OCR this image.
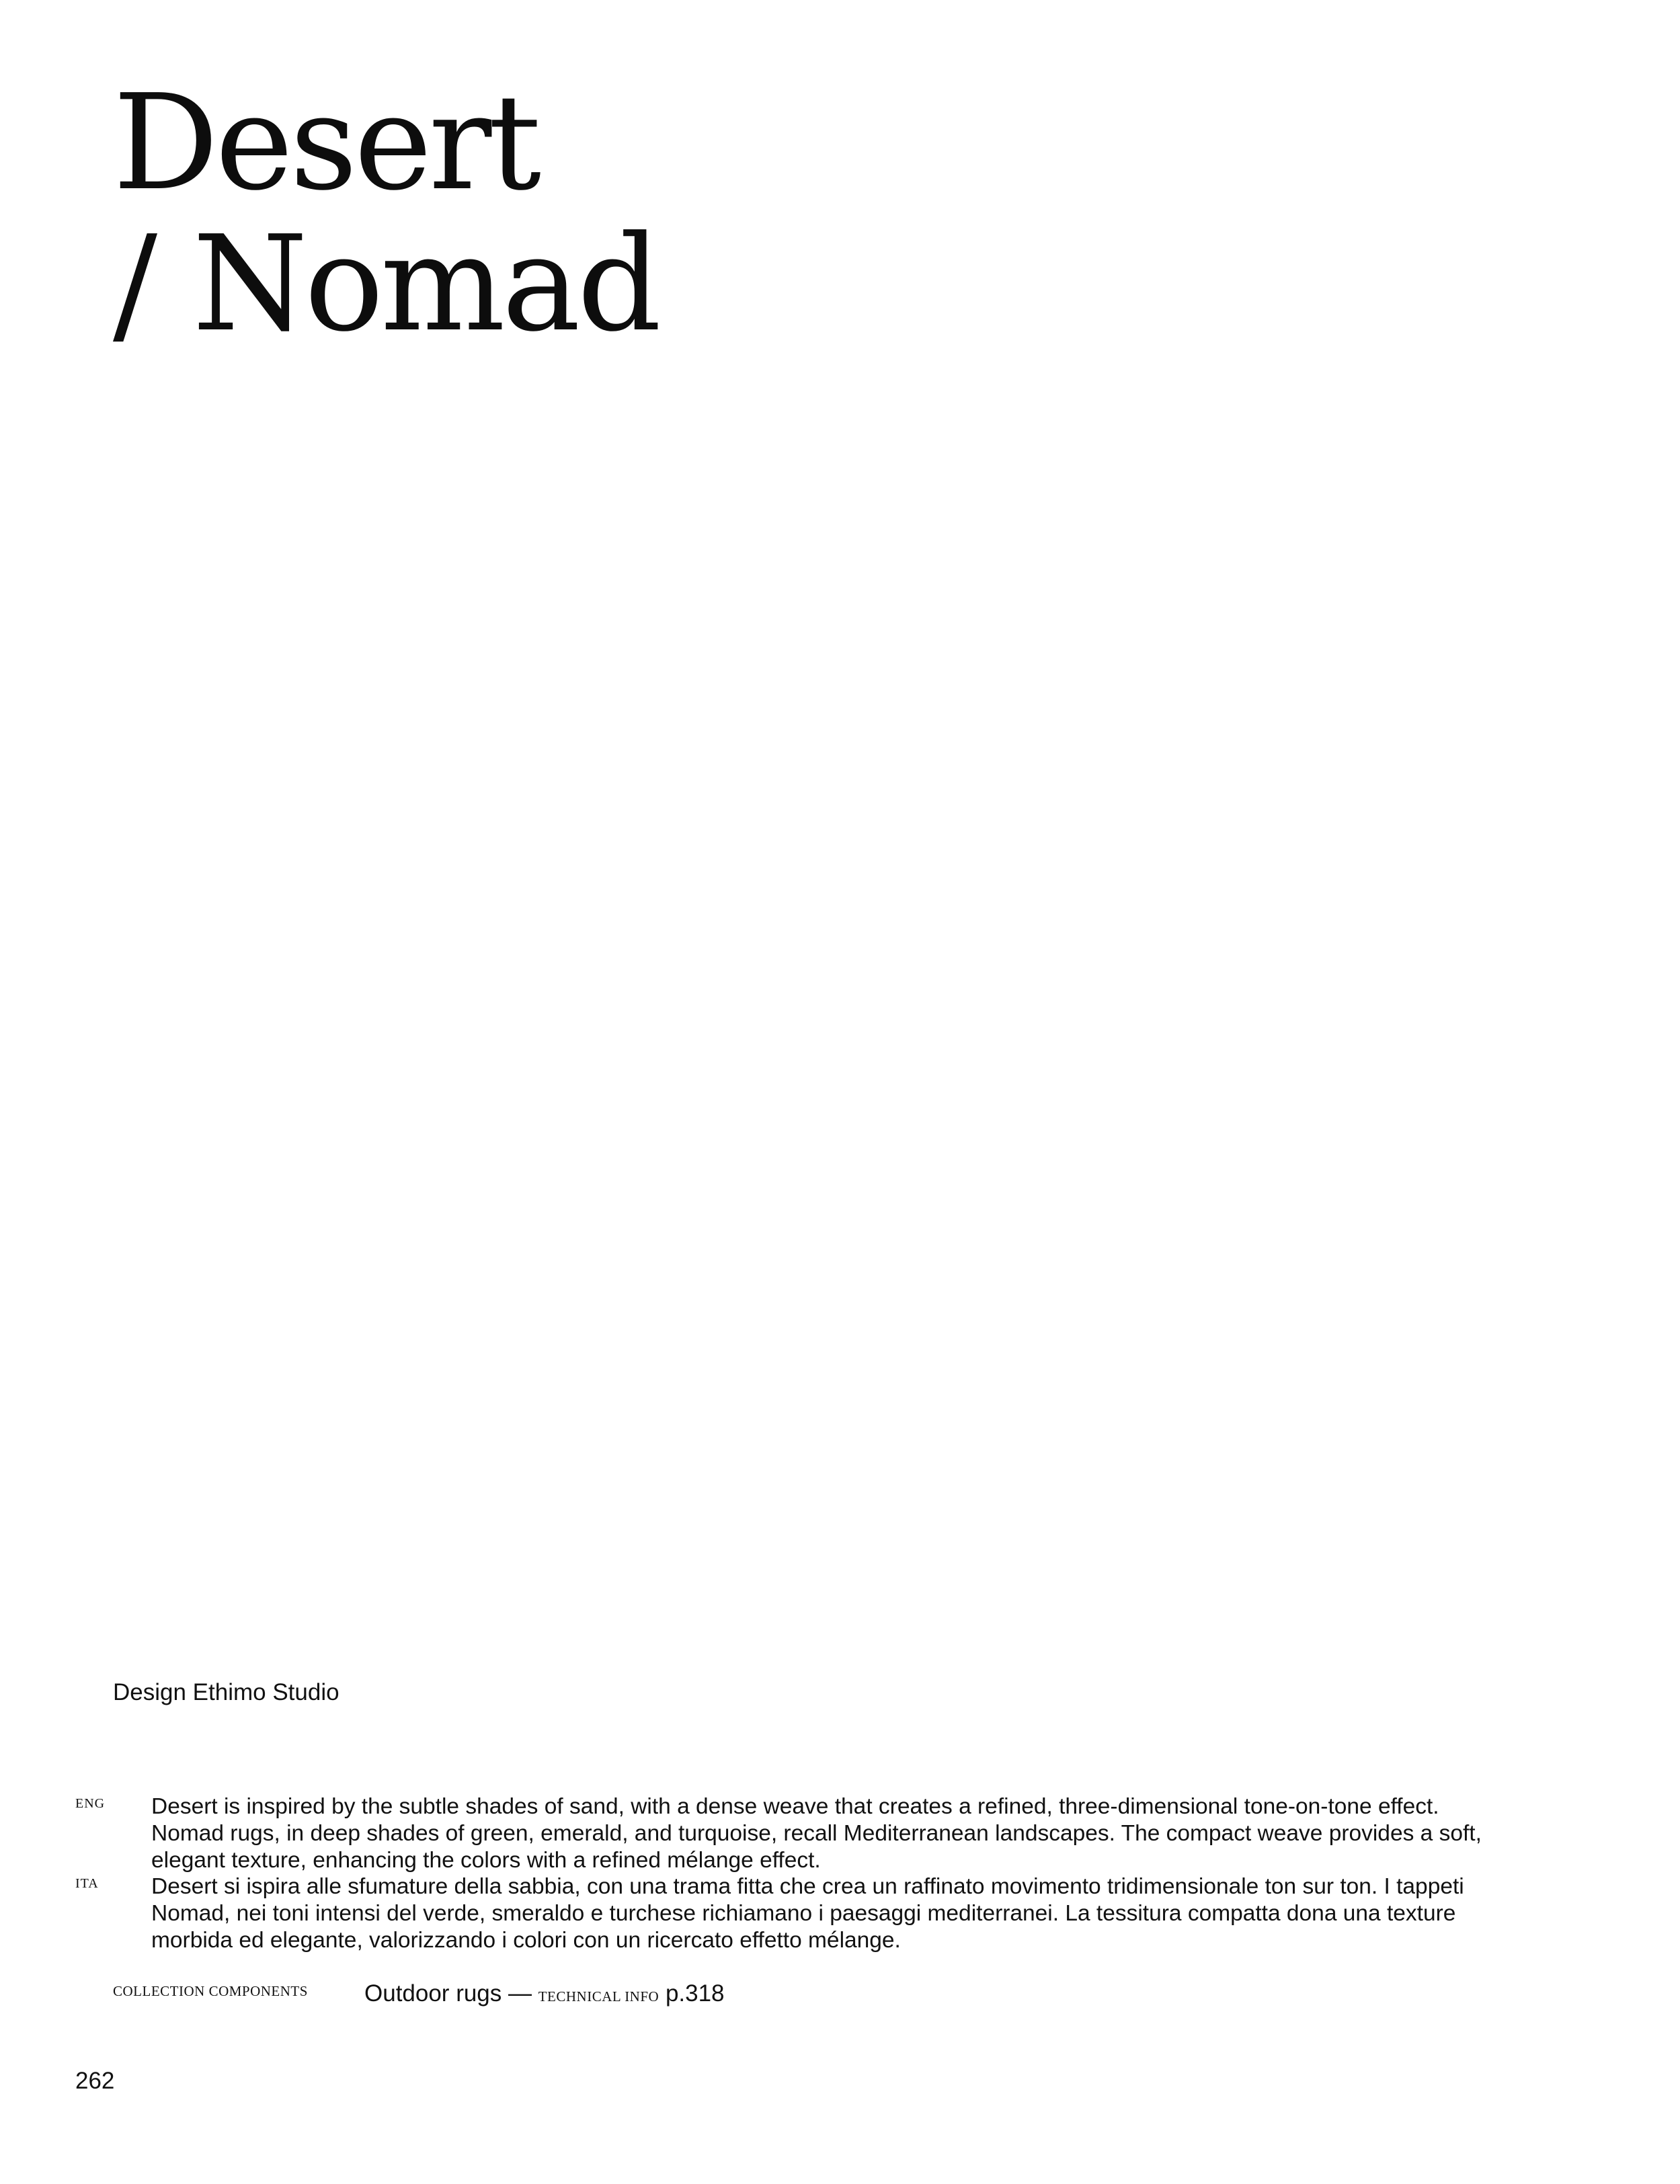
Desert
/ Nomad
Design Ethimo Studio
ENG Desert is inspired by the subtle shades of sand, with a dense weave that creates a refined, three-dimensional tone-on-tone effect.
Nomad rugs, in deep shades of green, emerald, and turquoise, recall Mediterranean landscapes. The compact weave provides a soft,
elegant texture, enhancing the colors with a refined mélange effect.

ITA Desert si ispira alle sfumature della sabbia, con una trama fitta che crea un raffinato movimento tridimensionale ton sur ton. I tappeti
Nomad, nei toni intensi del verde, smeraldo e turchese richiamano i paesaggi mediterranei. La tessitura compatta dona una texture
morbida ed elegante, valorizzando i colori con un ricercato effetto mélange.

COLLECTION COMPONENTS Outdoor rugs — TECHNICAL INFO p.318
262
